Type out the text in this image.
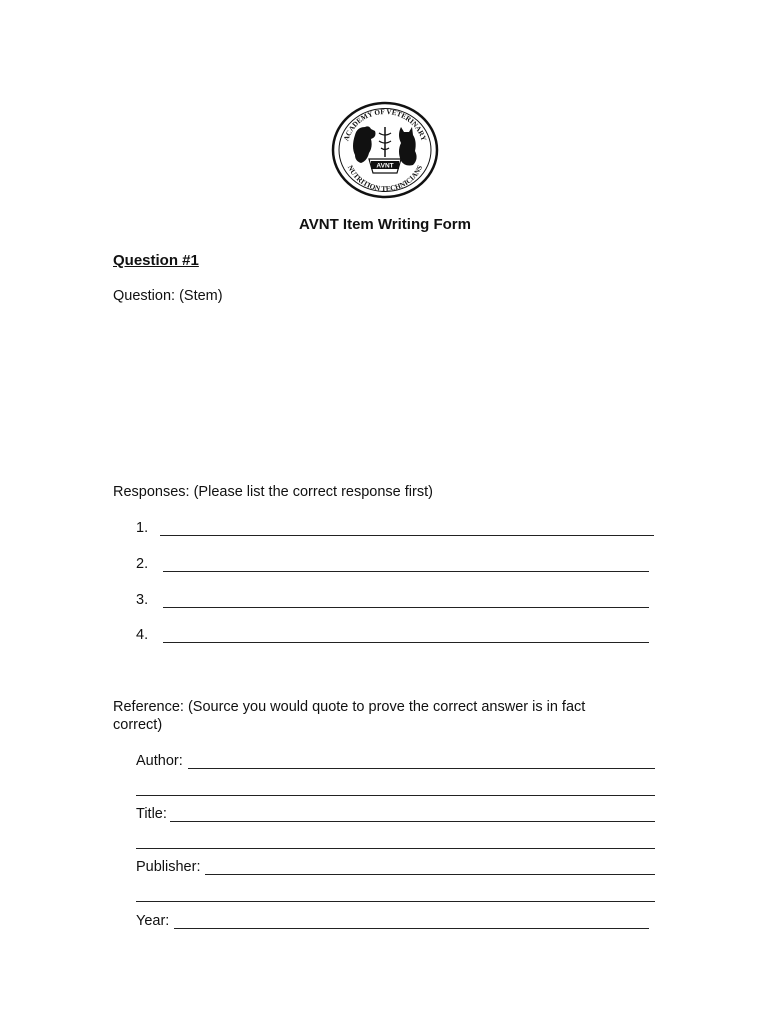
ACADEMY OF VETERINARY
NUTRITION TECHNICIANS
AVNT
AVNT Item Writing Form
Question #1
Question: (Stem)
Responses: (Please list the correct response first)
1.
2.
3.
4.
Reference: (Source you would quote to prove the correct answer is in fact correct)
Author:
Title:
Publisher:
Year:
